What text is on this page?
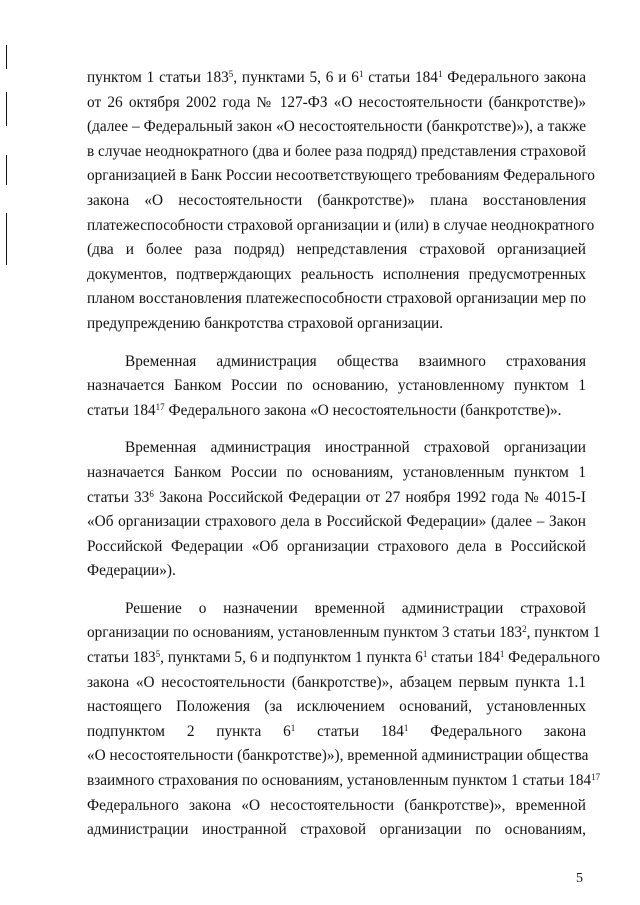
пунктом 1 статьи $183^5$, пунктами 5, 6 и $6^1$ статьи $184^1$ Федерального закона
от 26 октября 2002 года № 127-ФЗ «О несостоятельности (банкротстве)»
(далее – Федеральный закон «О несостоятельности (банкротстве)»), а также
в случае неоднократного (два и более раза подряд) представления страховой
организацией в Банк России несоответствующего требованиям Федерального
закона «О несостоятельности (банкротстве)» плана восстановления
платежеспособности страховой организации и (или) в случае неоднократного
(два и более раза подряд) непредставления страховой организацией
документов, подтверждающих реальность исполнения предусмотренных
планом восстановления платежеспособности страховой организации мер по
предупреждению банкротства страховой организации.

Временная администрация общества взаимного страхования
назначается Банком России по основанию, установленному пунктом 1
статьи $184^{17}$ Федерального закона «О несостоятельности (банкротстве)».

Временная администрация иностранной страховой организации
назначается Банком России по основаниям, установленным пунктом 1
статьи $33^6$ Закона Российской Федерации от 27 ноября 1992 года № 4015-I
«Об организации страхового дела в Российской Федерации» (далее – Закон
Российской Федерации «Об организации страхового дела в Российской
Федерации»).

Решение о назначении временной администрации страховой
организации по основаниям, установленным пунктом 3 статьи $183^2$, пунктом 1
статьи $183^5$, пунктами 5, 6 и подпунктом 1 пункта $6^1$ статьи $184^1$ Федерального
закона «О несостоятельности (банкротстве)», абзацем первым пункта 1.1
настоящего Положения (за исключением оснований, установленных
подпунктом 2 пункта $6^1$ статьи $184^1$ Федерального закона
«О несостоятельности (банкротстве)»), временной администрации общества
взаимного страхования по основаниям, установленным пунктом 1 статьи $184^{17}$
Федерального закона «О несостоятельности (банкротстве)», временной
администрации иностранной страховой организации по основаниям,

5
